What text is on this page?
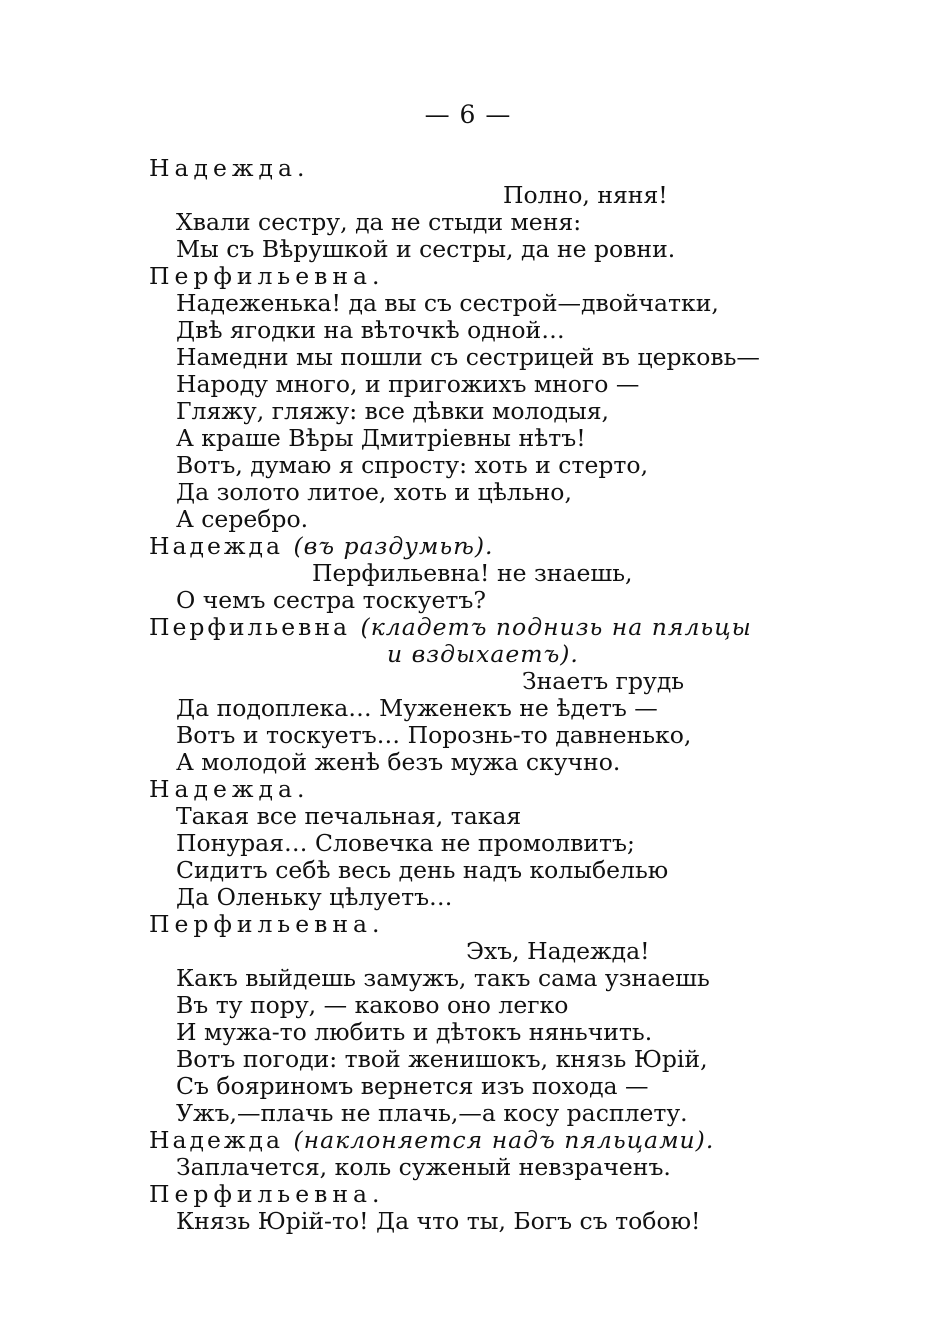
— 6 —
Надежда.
Полно, няня!
Хвали сестру, да не стыди меня:
Мы съ Вѣрушкой и сестры, да не ровни.
Перфильевна.
Надеженька! да вы съ сестрой—двойчатки,
Двѣ ягодки на вѣточкѣ одной…
Намедни мы пошли съ сестрицей въ церковь—
Народу много, и пригожихъ много —
Гляжу, гляжу: все дѣвки молодыя,
А краше Вѣры Дмитріевны нѣтъ!
Вотъ, думаю я спросту: хоть и стерто,
Да золото литое, хоть и цѣльно,
А серебро.
Надежда (въ раздумьѣ).
Перфильевна! не знаешь,
О чемъ сестра тоскуетъ?
Перфильевна (кладетъ поднизь на пяльцы
и вздыхаетъ).
Знаетъ грудь
Да подоплека… Муженекъ не ѣдетъ —
Вотъ и тоскуетъ… Порознь-то давненько,
А молодой женѣ безъ мужа скучно.
Надежда.
Такая все печальная, такая
Понурая… Словечка не промолвитъ;
Сидитъ себѣ весь день надъ колыбелью
Да Оленьку цѣлуетъ…
Перфильевна.
Эхъ, Надежда!
Какъ выйдешь замужъ, такъ сама узнаешь
Въ ту пору, — каково оно легко
И мужа-то любить и дѣтокъ няньчить.
Вотъ погоди: твой женишокъ, князь Юрій,
Съ бояриномъ вернется изъ похода —
Ужъ,—плачь не плачь,—а косу расплету.
Надежда (наклоняется надъ пяльцами).
Заплачется, коль суженый невзраченъ.
Перфильевна.
Князь Юрій-то! Да что ты, Богъ съ тобою!
